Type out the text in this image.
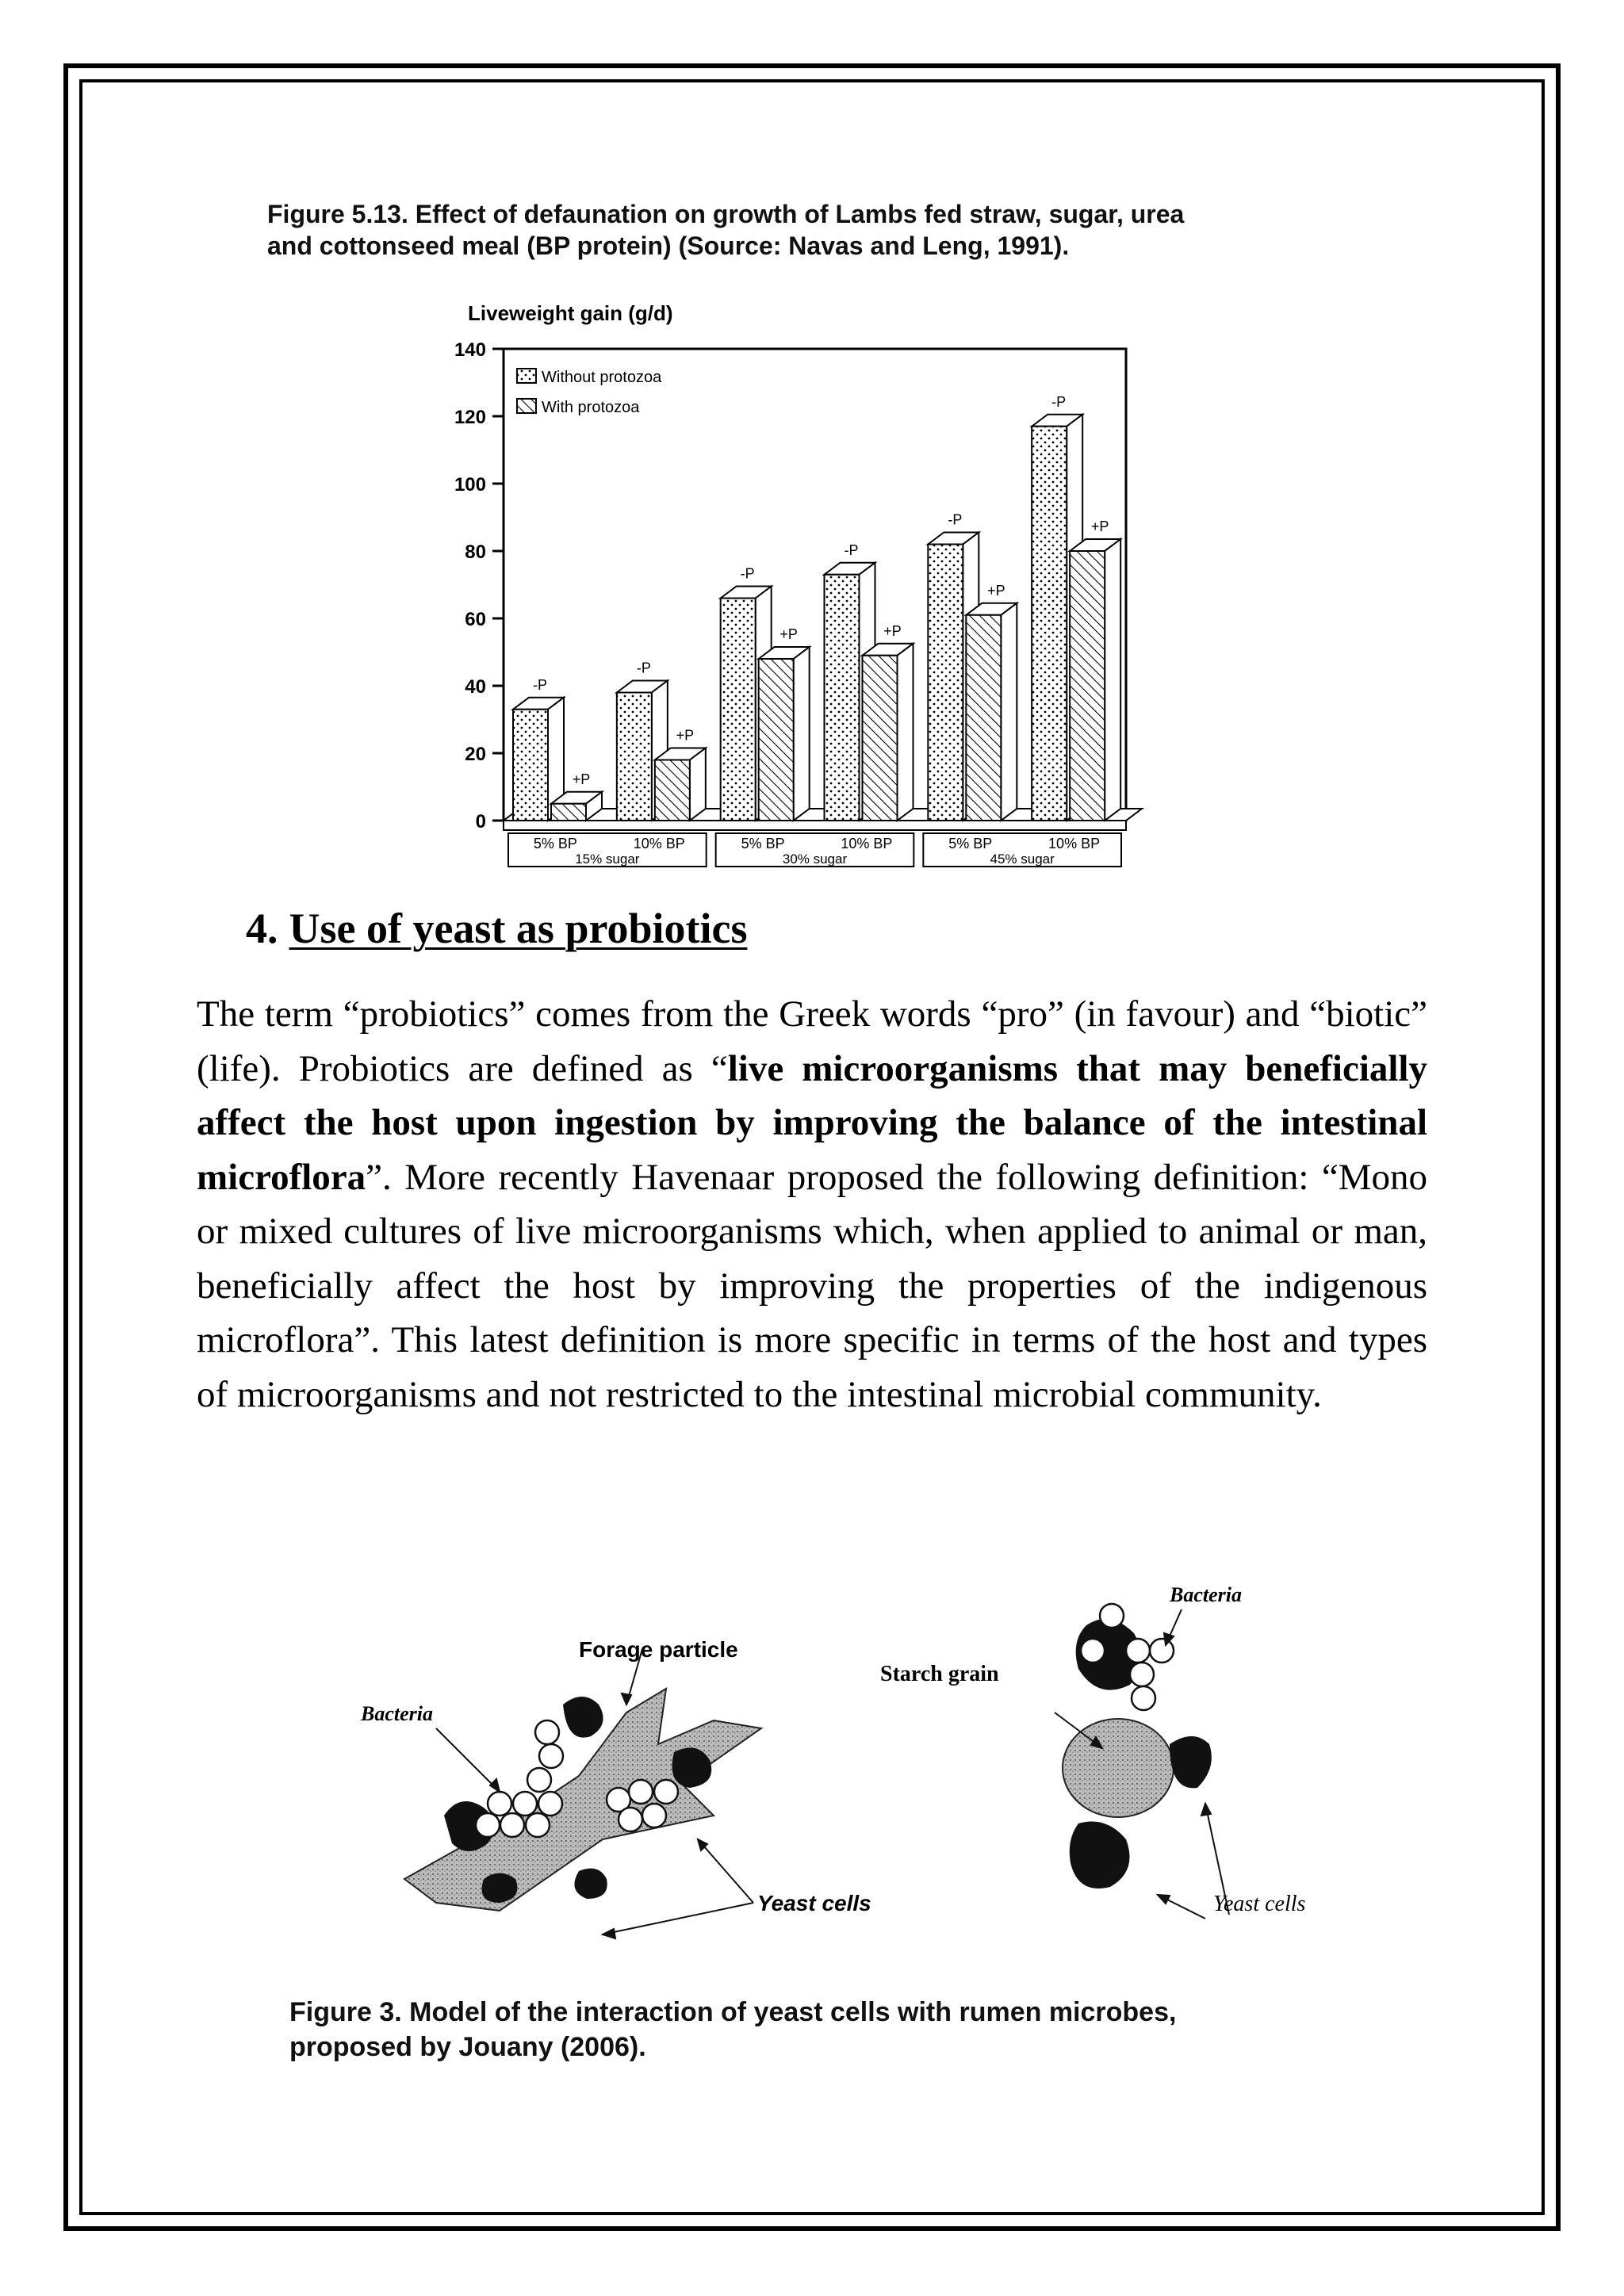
Figure 5.13. Effect of defaunation on growth of Lambs fed straw, sugar, urea
and cottonseed meal (BP protein) (Source: Navas and Leng, 1991).
Liveweight gain (g/d)
0
20
40
60
80
100
120
140
-P
+P
-P
+P
-P
+P
-P
+P
-P
+P
-P
+P
15% sugar	30% sugar	45% sugar
5% BP	10% BP	5% BP	10% BP	5% BP	10% BP
Without protozoa
With protozoa
4. Use of yeast as probiotics

The term “probiotics” comes from the Greek words “pro” (in favour) and “biotic” (life). Probiotics are defined as “live microorganisms that may beneficially affect the host upon ingestion by improving the balance of the intestinal microflora”. More recently Havenaar proposed the following definition: “Mono or mixed cultures of live microorganisms which, when applied to animal or man, beneficially affect the host by improving the properties of the indigenous microflora”. This latest definition is more specific in terms of the host and types of microorganisms and not restricted to the intestinal microbial community.

Bacteria
Forage particle
Yeast cells
Starch grain
Bacteria
Yeast cells
Figure 3. Model of the interaction of yeast cells with rumen microbes,
proposed by Jouany (2006).
